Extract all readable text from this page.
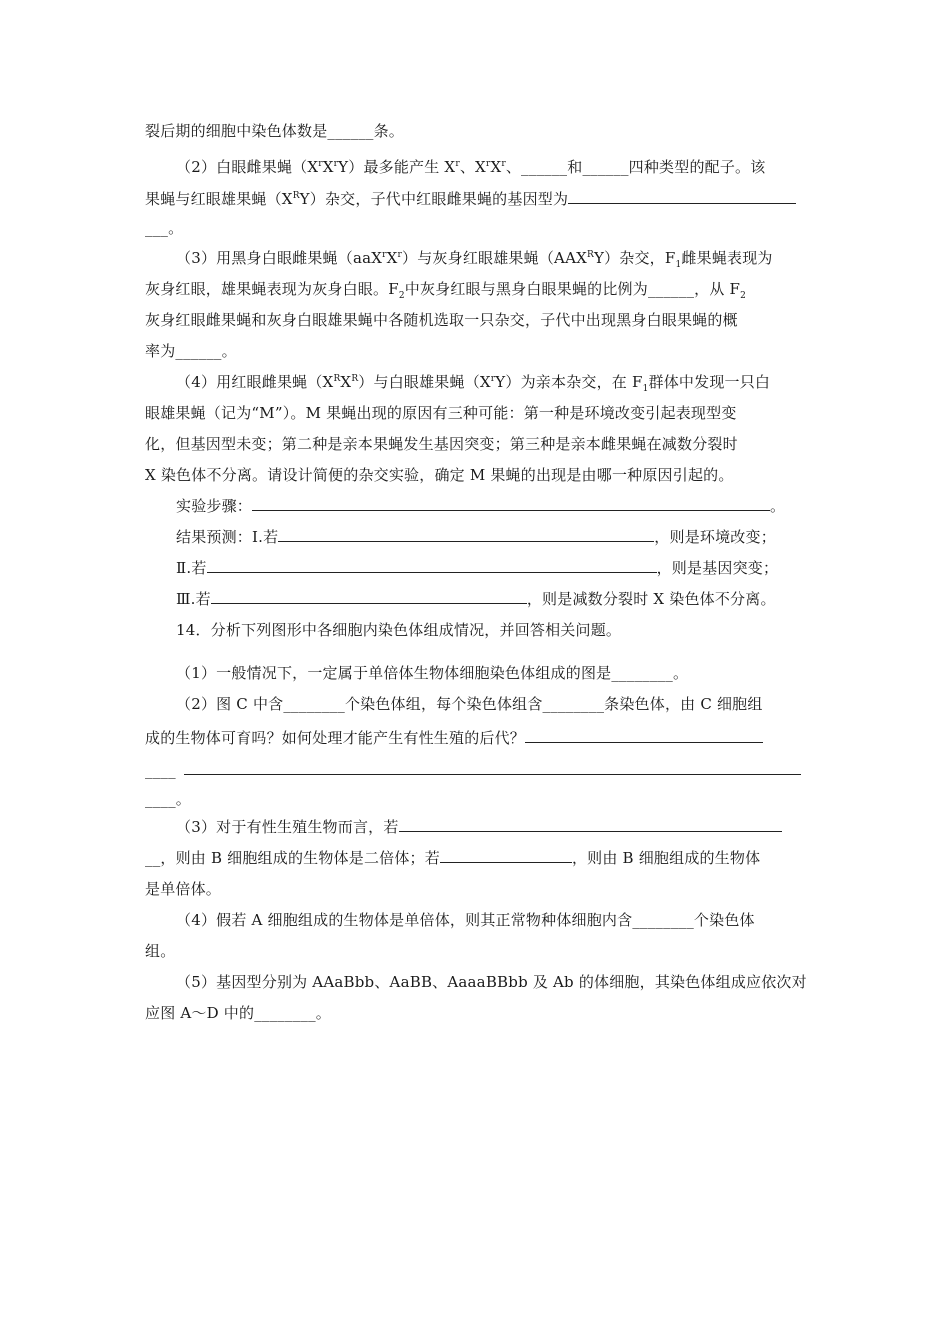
裂后期的细胞中染色体数是______条。
（2）白眼雌果蝇$(X^rX^rY)$最多能产生 $X^r$、$X^rX^r$、______和______四种类型的配子。该
果蝇与红眼雄果蝇$(X^RY)$杂交，子代中红眼雌果蝇的基因型为
___。
（3）用黑身白眼雌果蝇$(aaX^rX^r)$与灰身红眼雄果蝇$(AAX^RY)$杂交，$F_1$雌果蝇表现为
灰身红眼，雄果蝇表现为灰身白眼。$F_2$中灰身红眼与黑身白眼果蝇的比例为______，从 $F_2$
灰身红眼雌果蝇和灰身白眼雄果蝇中各随机选取一只杂交，子代中出现黑身白眼果蝇的概
率为______。
（4）用红眼雌果蝇$(X^RX^R)$与白眼雄果蝇$(X^rY)$为亲本杂交，在 $F_1$群体中发现一只白
眼雄果蝇（记为“M”）。M 果蝇出现的原因有三种可能：第一种是环境改变引起表现型变
化，但基因型未变；第二种是亲本果蝇发生基因突变；第三种是亲本雌果蝇在减数分裂时
X 染色体不分离。请设计简便的杂交实验，确定 M 果蝇的出现是由哪一种原因引起的。
实验步骤：	。
结果预测：Ⅰ.若	，则是环境改变；
Ⅱ.若	，则是基因突变；
Ⅲ.若	，则是减数分裂时 X 染色体不分离。
14．分析下列图形中各细胞内染色体组成情况，并回答相关问题。
（1）一般情况下，一定属于单倍体生物体细胞染色体组成的图是________。
（2）图 C 中含________个染色体组，每个染色体组含________条染色体，由 C 细胞组
成的生物体可育吗？如何处理才能产生有性生殖的后代？
____
____。
（3）对于有性生殖生物而言，若
__，则由 B 细胞组成的生物体是二倍体；若	，则由 B 细胞组成的生物体
是单倍体。
（4）假若 A 细胞组成的生物体是单倍体，则其正常物种体细胞内含________个染色体
组。
（5）基因型分别为 AAaBbb、AaBB、AaaaBBbb 及 Ab 的体细胞，其染色体组成应依次对
应图 A～D 中的________。
